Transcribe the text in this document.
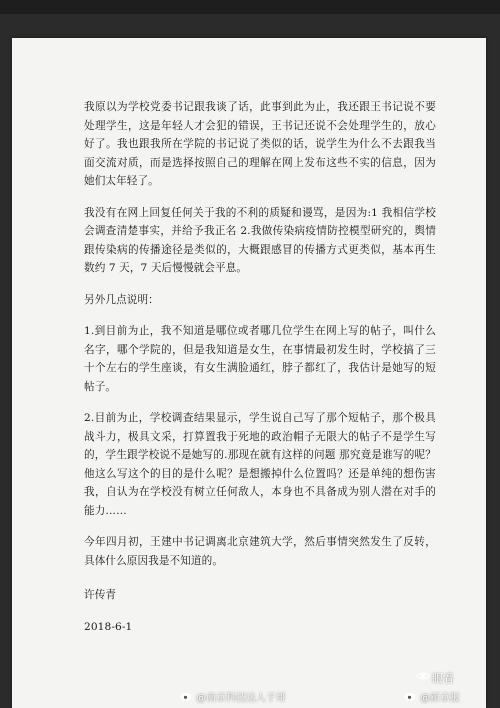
我原以为学校党委书记跟我谈了话，此事到此为止，我还跟王书记说不要处理学生，这是年轻人才会犯的错误，王书记还说不会处理学生的，放心好了。我也跟我所在学院的书记说了类似的话，说学生为什么不去跟我当面交流对质，而是选择按照自己的理解在网上发布这些不实的信息，因为她们太年轻了。

我没有在网上回复任何关于我的不利的质疑和谩骂，是因为:1 我相信学校会调查清楚事实，并给予我正名 2.我做传染病疫情防控模型研究的，舆情跟传染病的传播途径是类似的，大概跟感冒的传播方式更类似，基本再生数约 7 天，7 天后慢慢就会平息。

另外几点说明：

1.到目前为止，我不知道是哪位或者哪几位学生在网上写的帖子，叫什么名字，哪个学院的，但是我知道是女生，在事情最初发生时，学校搞了三十个左右的学生座谈，有女生满脸通红，脖子都红了，我估计是她写的短帖子。

2.目前为止，学校调查结果显示，学生说自己写了那个短帖子，那个极具战斗力，极具文采，打算置我于死地的政治帽子无限大的帖子不是学生写的，学生跟学校说不是她写的.那现在就有这样的问题 那究竟是谁写的呢？他这么写这个的目的是什么呢？是想搬掉什么位置吗？还是单纯的想伤害我，自认为在学校没有树立任何敌人，本身也不具备成为别人潜在对手的能力……

今年四月初，王建中书记调离北京建筑大学，然后事情突然发生了反转，具体什么原因我是不知道的。

许传青

2018-6-1

@南京科技达人于哥	@新京报
眼看
